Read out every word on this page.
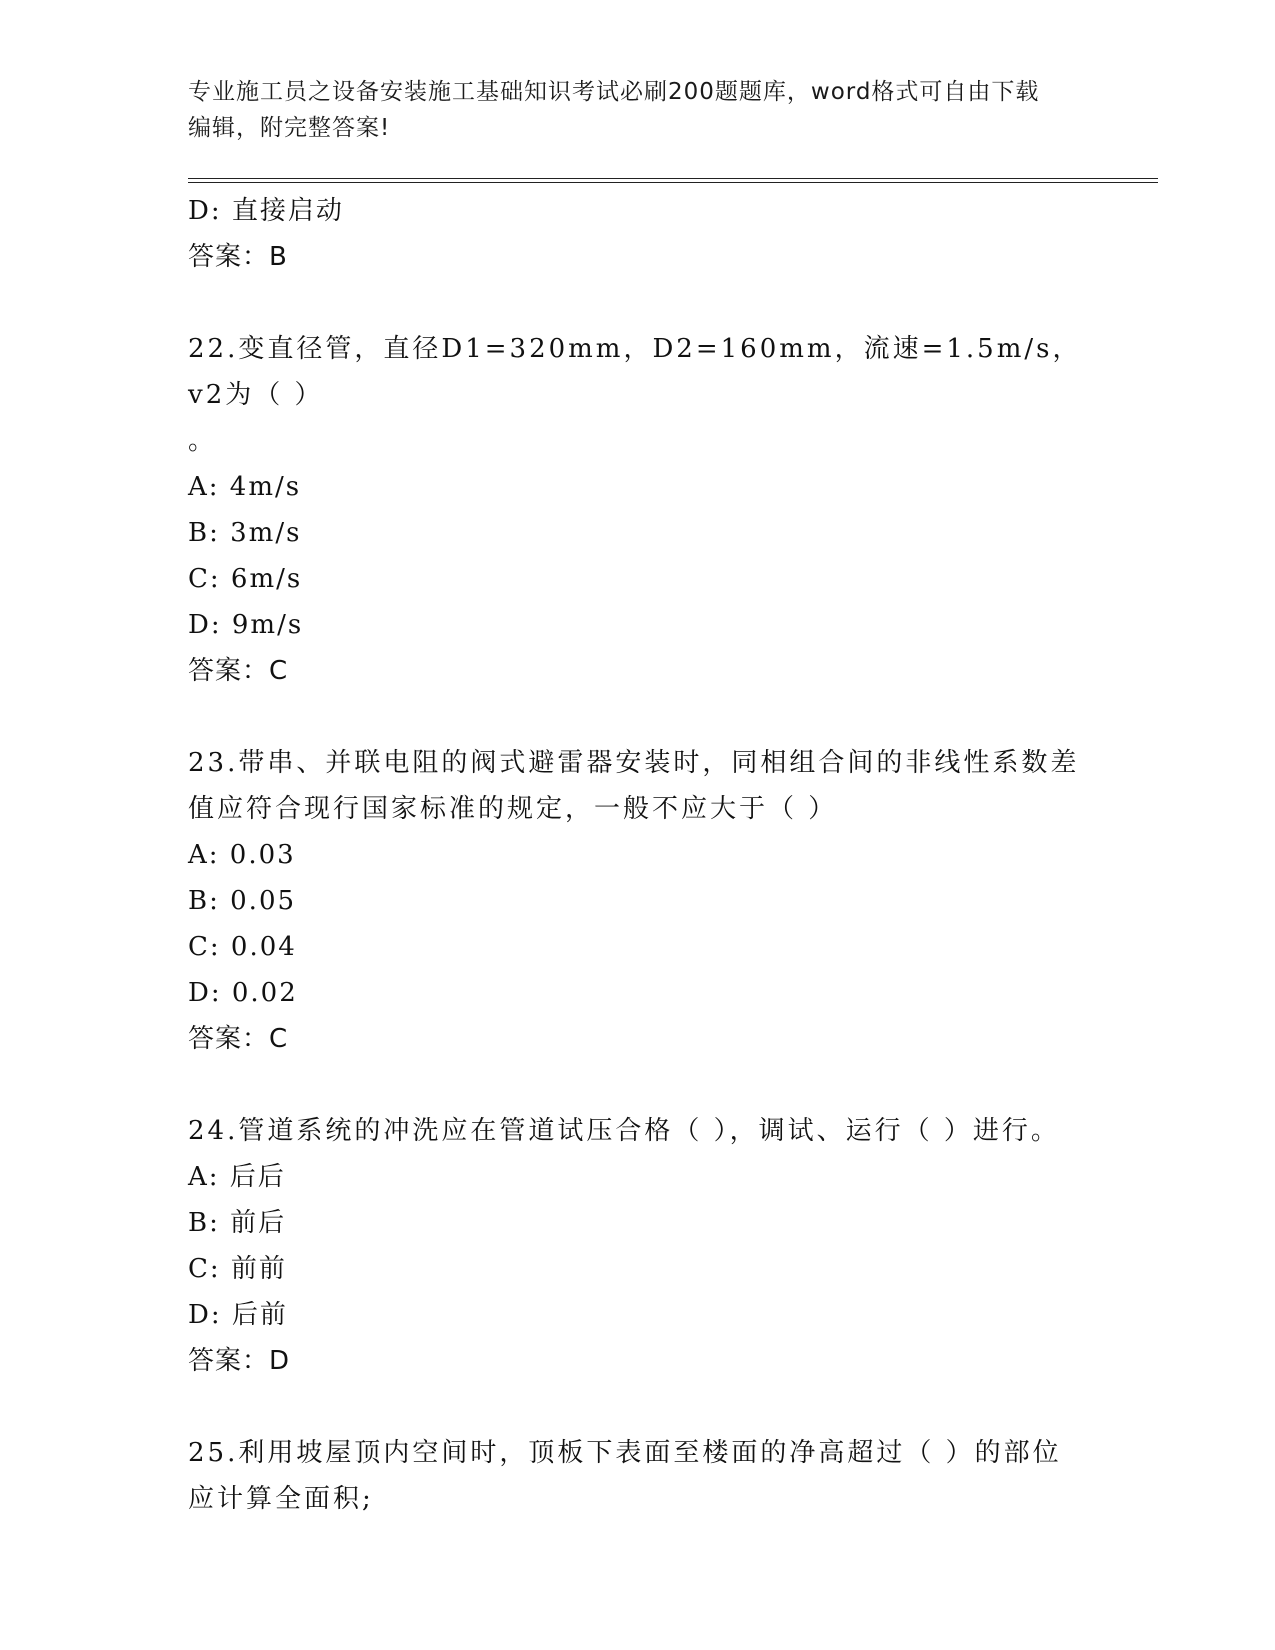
专业施工员之设备安装施工基础知识考试必刷200题题库，word格式可自由下载
编辑，附完整答案!
D: 直接启动
答案：B
22.变直径管，直径D1=320mm，D2=160mm，流速=1.5m/s，v2为（ ）
。
A: 4m/s
B: 3m/s
C: 6m/s
D: 9m/s
答案：C
23.带串、并联电阻的阀式避雷器安装时，同相组合间的非线性系数差
值应符合现行国家标准的规定，一般不应大于（ ）
A: 0.03
B: 0.05
C: 0.04
D: 0.02
答案：C
24.管道系统的冲洗应在管道试压合格（ ），调试、运行（ ）进行。
A: 后后
B: 前后
C: 前前
D: 后前
答案：D
25.利用坡屋顶内空间时，顶板下表面至楼面的净高超过（ ）的部位
应计算全面积;
